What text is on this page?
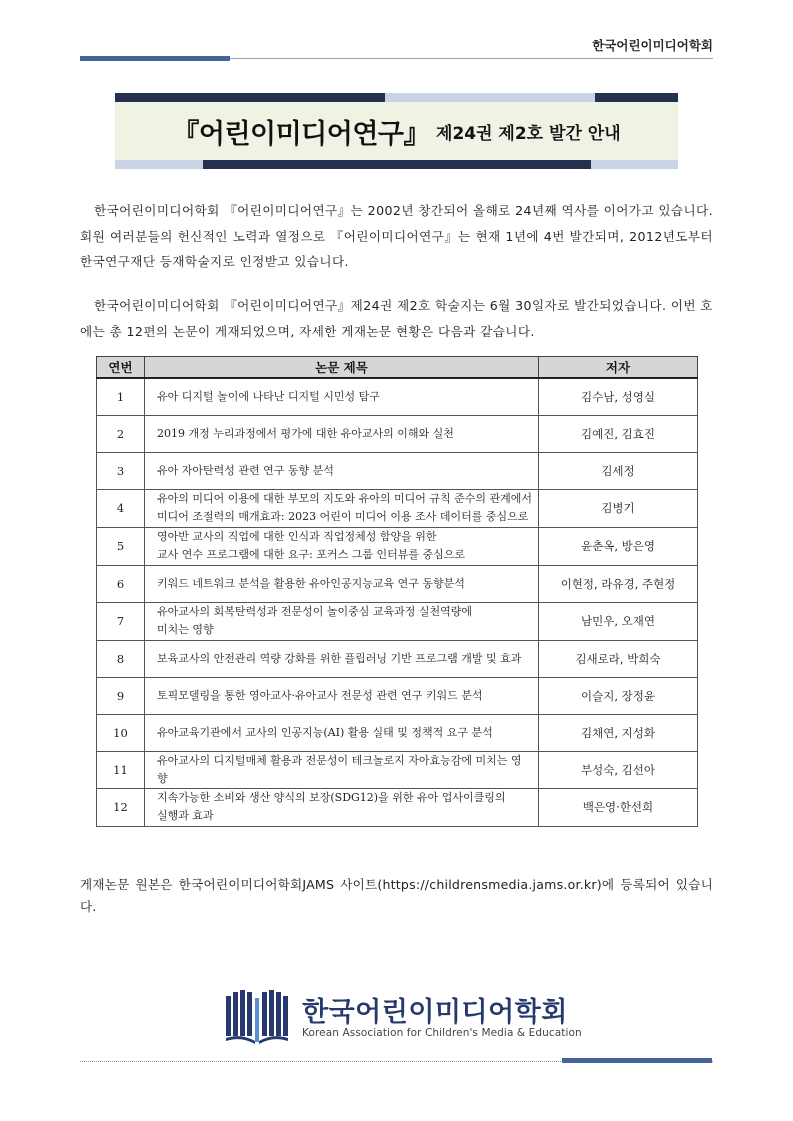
한국어린이미디어학회
『어린이미디어연구』 제24권 제2호 발간 안내
한국어린이미디어학회 『어린이미디어연구』는 2002년 창간되어 올해로 24년째 역사를 이어가고 있습니다. 회원 여러분들의 헌신적인 노력과 열정으로 『어린이미디어연구』는 현재 1년에 4번 발간되며, 2012년도부터 한국연구재단 등재학술지로 인정받고 있습니다.
한국어린이미디어학회 『어린이미디어연구』제24권 제2호 학술지는 6월 30일자로 발간되었습니다. 이번 호에는 총 12편의 논문이 게재되었으며, 자세한 게재논문 현황은 다음과 같습니다.
연번	논문 제목	저자
1	유아 디지털 놀이에 나타난 디지털 시민성 탐구	김수남, 성영실
2	2019 개정 누리과정에서 평가에 대한 유아교사의 이해와 실천	김예진, 김효진
3	유아 자아탄력성 관련 연구 동향 분석	김세정
4	유아의 미디어 이용에 대한 부모의 지도와 유아의 미디어 규칙 준수의 관계에서
미디어 조절력의 매개효과: 2023 어린이 미디어 이용 조사 데이터를 중심으로	김병기
5	영아반 교사의 직업에 대한 인식과 직업정체성 함양을 위한
교사 연수 프로그램에 대한 요구: 포커스 그룹 인터뷰를 중심으로	윤춘옥, 방은영
6	키워드 네트워크 분석을 활용한 유아인공지능교육 연구 동향분석	이현정, 라유경, 주현정
7	유아교사의 회복탄력성과 전문성이 놀이중심 교육과정 실천역량에
미치는 영향	남민우, 오재연
8	보육교사의 안전관리 역량 강화를 위한 플립러닝 기반 프로그램 개발 및 효과	김새로라, 박희숙
9	토픽모델링을 통한 영아교사·유아교사 전문성 관련 연구 키워드 분석	이슬지, 장정윤
10	유아교육기관에서 교사의 인공지능(AI) 활용 실태 및 정책적 요구 분석	김채연, 지성화
11	유아교사의 디지털매체 활용과 전문성이 테크놀로지 자아효능감에 미치는 영향	부성숙, 김선아
12	지속가능한 소비와 생산 양식의 보장(SDG12)을 위한 유아 업사이클링의
실행과 효과	백은영·한선희
게재논문 원본은 한국어린이미디어학회JAMS 사이트(https://childrensmedia.jams.or.kr)에 등록되어 있습니다.
한국어린이미디어학회
Korean Association for Children's Media & Education
